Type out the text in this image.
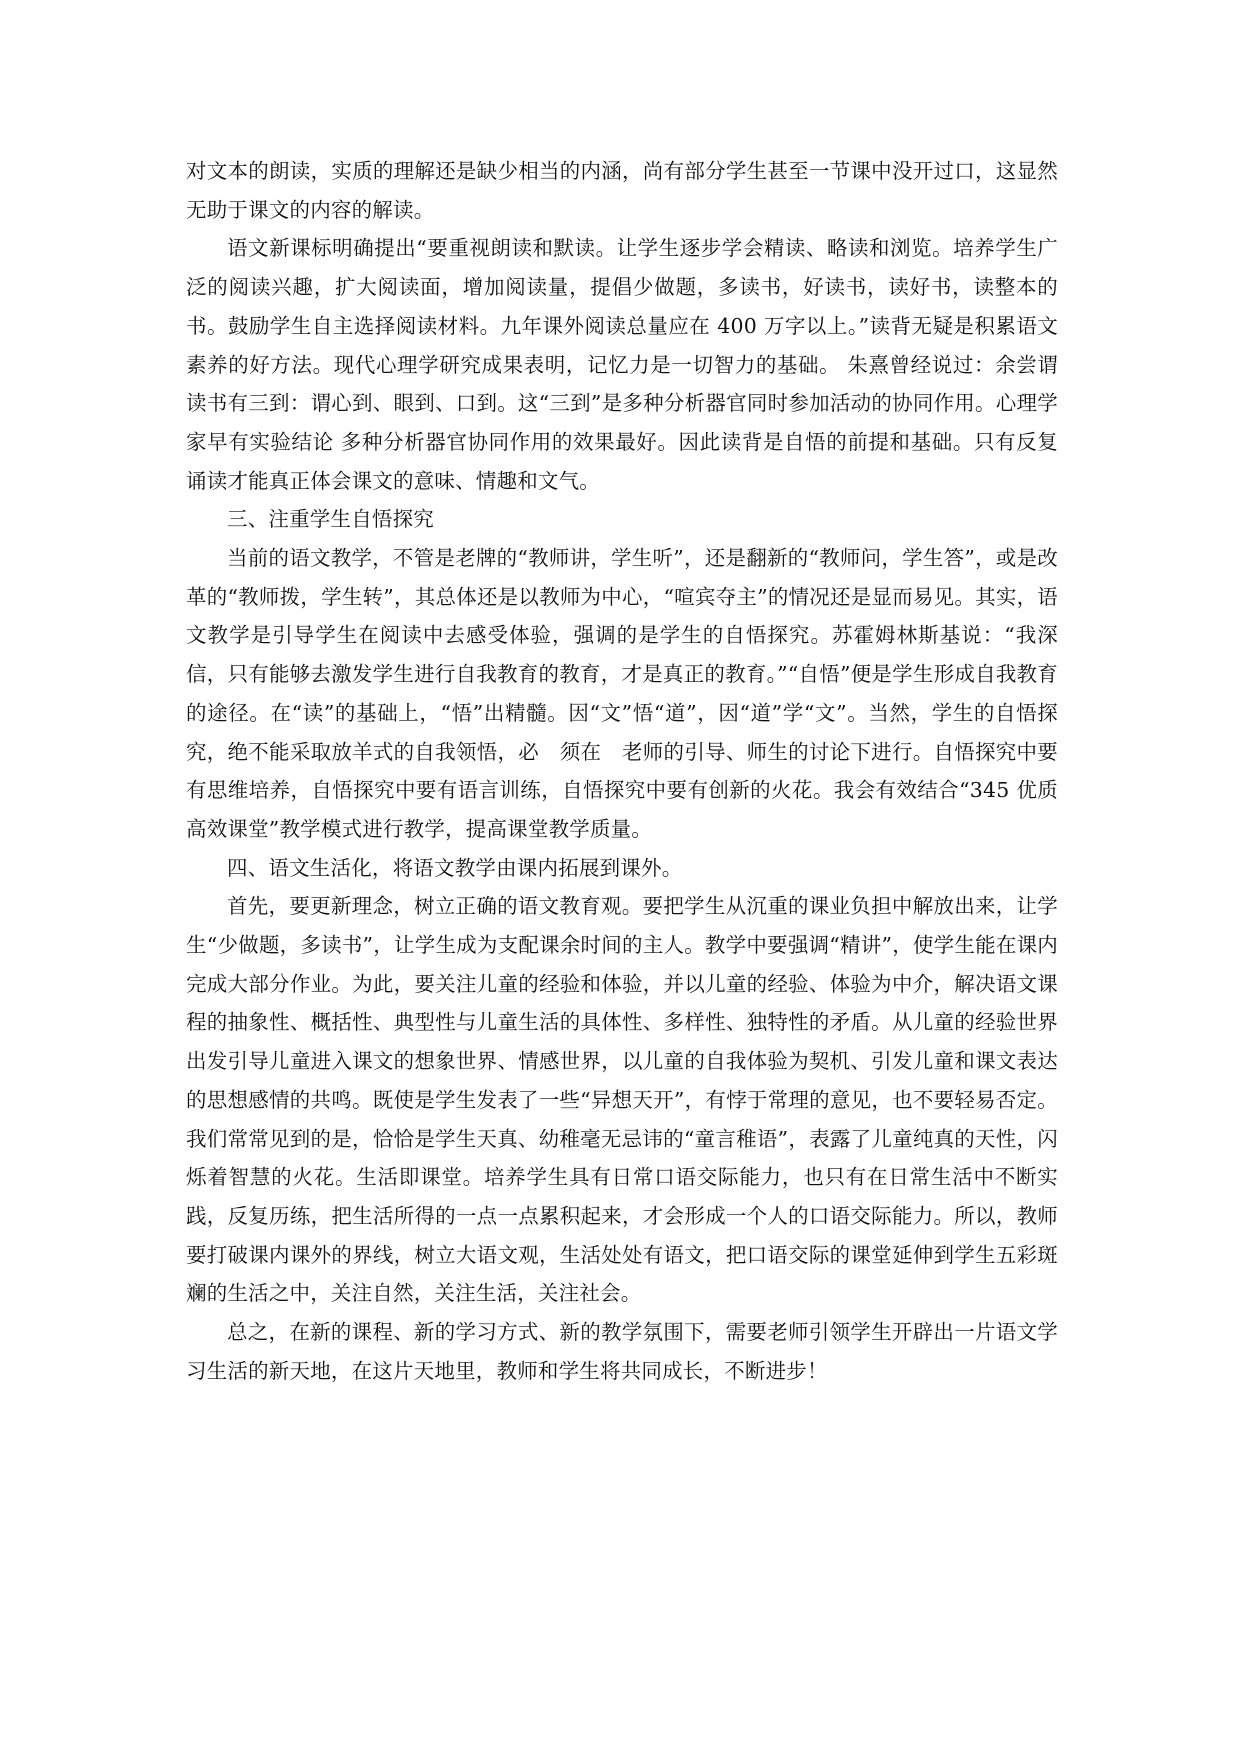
对文本的朗读，实质的理解还是缺少相当的内涵，尚有部分学生甚至一节课中没开过口，这显然无助于课文的内容的解读。

语文新课标明确提出“要重视朗读和默读。让学生逐步学会精读、略读和浏览。培养学生广泛的阅读兴趣，扩大阅读面，增加阅读量，提倡少做题，多读书，好读书，读好书，读整本的书。鼓励学生自主选择阅读材料。九年课外阅读总量应在 400 万字以上。”读背无疑是积累语文素养的好方法。现代心理学研究成果表明，记忆力是一切智力的基础。 朱熹曾经说过：余尝谓读书有三到：谓心到、眼到、口到。这“三到”是多种分析器官同时参加活动的协同作用。心理学家早有实验结论 多种分析器官协同作用的效果最好。因此读背是自悟的前提和基础。只有反复诵读才能真正体会课文的意味、情趣和文气。

三、注重学生自悟探究

当前的语文教学，不管是老牌的“教师讲，学生听”，还是翻新的“教师问，学生答”，或是改革的“教师拨，学生转”，其总体还是以教师为中心，“喧宾夺主”的情况还是显而易见。其实，语文教学是引导学生在阅读中去感受体验，强调的是学生的自悟探究。苏霍姆林斯基说：“我深信，只有能够去激发学生进行自我教育的教育，才是真正的教育。”“自悟”便是学生形成自我教育的途径。在“读”的基础上，“悟”出精髓。因“文”悟“道”，因“道”学“文”。当然，学生的自悟探究，绝不能采取放羊式的自我领悟，必　须在　老师的引导、师生的讨论下进行。自悟探究中要有思维培养，自悟探究中要有语言训练，自悟探究中要有创新的火花。我会有效结合“345 优质高效课堂”教学模式进行教学，提高课堂教学质量。

四、语文生活化，将语文教学由课内拓展到课外。

首先，要更新理念，树立正确的语文教育观。要把学生从沉重的课业负担中解放出来，让学生“少做题，多读书”，让学生成为支配课余时间的主人。教学中要强调“精讲”，使学生能在课内完成大部分作业。为此，要关注儿童的经验和体验，并以儿童的经验、体验为中介，解决语文课程的抽象性、概括性、典型性与儿童生活的具体性、多样性、独特性的矛盾。从儿童的经验世界出发引导儿童进入课文的想象世界、情感世界，以儿童的自我体验为契机、引发儿童和课文表达的思想感情的共鸣。既使是学生发表了一些“异想天开”，有悖于常理的意见，也不要轻易否定。我们常常见到的是，恰恰是学生天真、幼稚毫无忌讳的“童言稚语”，表露了儿童纯真的天性，闪烁着智慧的火花。生活即课堂。培养学生具有日常口语交际能力，也只有在日常生活中不断实践，反复历练，把生活所得的一点一点累积起来，才会形成一个人的口语交际能力。所以，教师要打破课内课外的界线，树立大语文观，生活处处有语文，把口语交际的课堂延伸到学生五彩斑斓的生活之中，关注自然，关注生活，关注社会。

总之，在新的课程、新的学习方式、新的教学氛围下，需要老师引领学生开辟出一片语文学习生活的新天地，在这片天地里，教师和学生将共同成长，不断进步！
